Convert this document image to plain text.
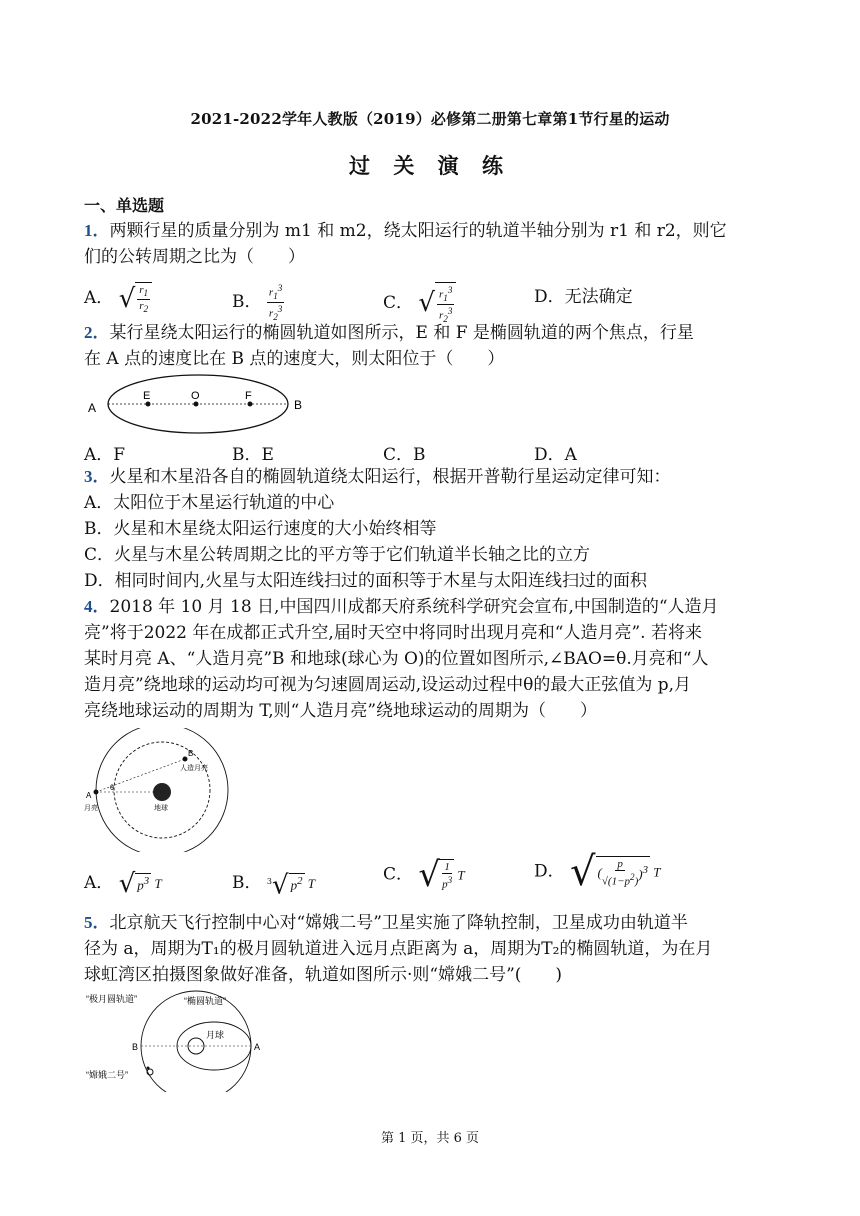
2021-2022学年人教版（2019）必修第二册第七章第1节行星的运动
过 关 演 练
一、单选题
1．两颗行星的质量分别为 m1 和 m2，绕太阳运行的轨道半轴分别为 r1 和 r2，则它
们的公转周期之比为（　　）
A． √ $\frac{r_1}{r_2}$	B． $\frac{r_1^3}{r_2^3}$	C． √ $\frac{r_1^3}{r_2^3}$	D．无法确定
2．某行星绕太阳运行的椭圆轨道如图所示，E 和 F 是椭圆轨道的两个焦点，行星
在 A 点的速度比在 B 点的速度大，则太阳位于（　　）
A	B
E	O	F
A．F	B．E	C．B	D．A
3．火星和木星沿各自的椭圆轨道绕太阳运行，根据开普勒行星运动定律可知：
A．太阳位于木星运行轨道的中心
B．火星和木星绕太阳运行速度的大小始终相等
C．火星与木星公转周期之比的平方等于它们轨道半长轴之比的立方
D．相同时间内,火星与太阳连线扫过的面积等于木星与太阳连线扫过的面积
4．2018 年 10 月 18 日,中国四川成都天府系统科学研究会宣布,中国制造的“人造月
亮”将于2022 年在成都正式升空,届时天空中将同时出现月亮和“人造月亮”. 若将来
某时月亮 A、“人造月亮”B 和地球(球心为 O)的位置如图所示,∠BAO=θ.月亮和“人
造月亮”绕地球的运动均可视为匀速圆周运动,设运动过程中θ的最大正弦值为 p,月
亮绕地球运动的周期为 T,则“人造月亮”绕地球运动的周期为（　　）
A
月亮
B
人造月亮
地球
θ
A． √ $p^3$ T	B． $^3$√ $p^2$ T	C． √ $\frac{1}{p^3}$ T	D． √ ( $\frac{p}{√(1-p^2)} )^3$ T
5．北京航天飞行控制中心对“嫦娥二号”卫星实施了降轨控制，卫星成功由轨道半
径为 a，周期为T₁的极月圆轨道进入远月点距离为 a，周期为T₂的椭圆轨道，为在月
球虹湾区拍摄图象做好准备，轨道如图所示·则“嫦娥二号”(　　)
“极月圆轨道”	“椭圆轨道”
月球
A
B
“嫦娥二号”
第 1 页，共 6 页
